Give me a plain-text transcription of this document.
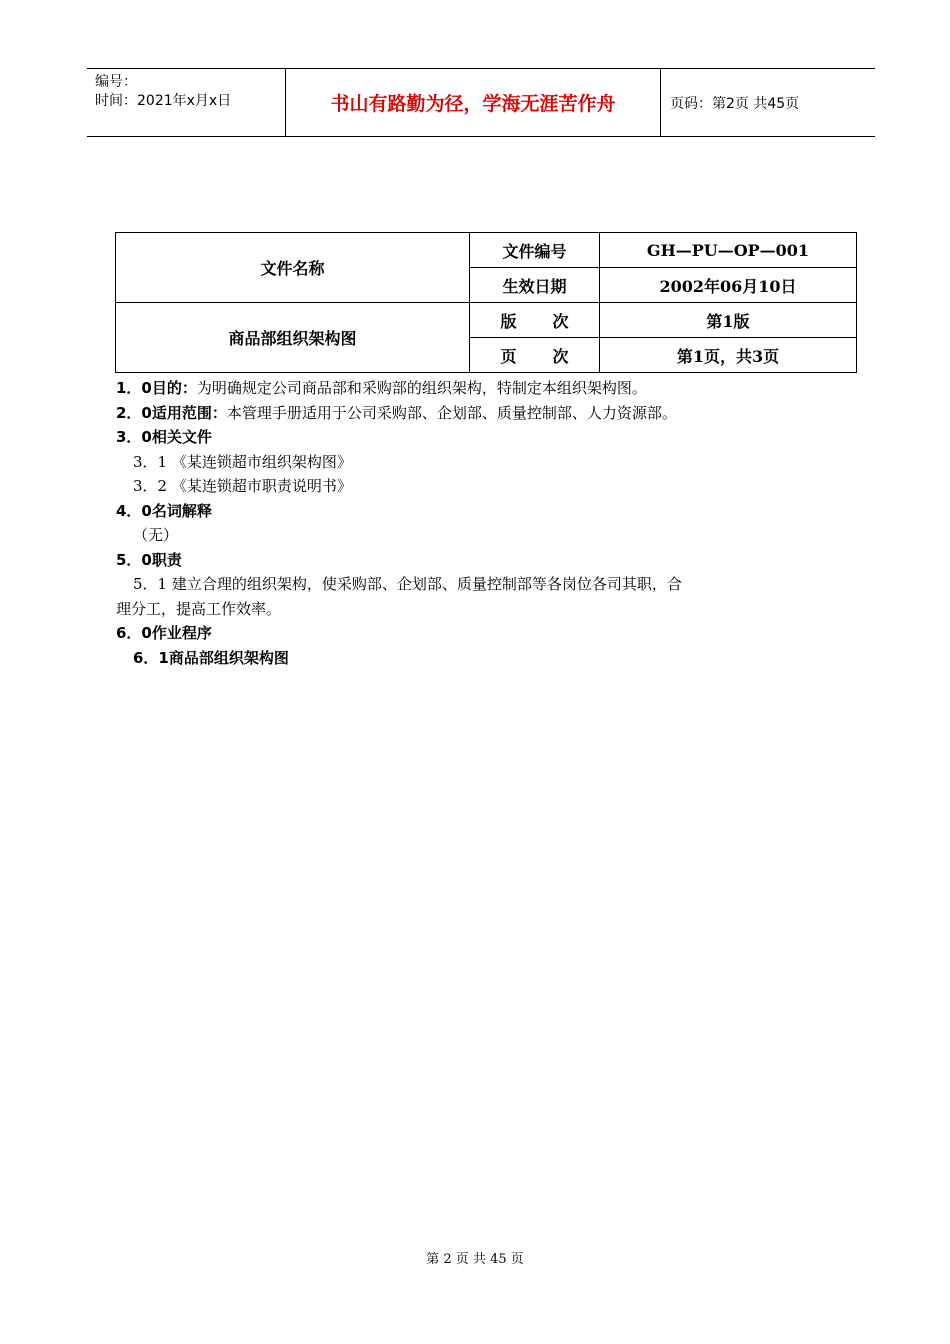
编号：
时间：2021年x月x日	书山有路勤为径，学海无涯苦作舟	页码：第2页 共45页
文件名称	文件编号	GH—PU—OP—001
	生效日期	2002年06月10日
商品部组织架构图	版 次	第1版
	页 次	第1页，共3页
1．0目的：为明确规定公司商品部和采购部的组织架构，特制定本组织架构图。
2．0适用范围：本管理手册适用于公司采购部、企划部、质量控制部、人力资源部。
3．0相关文件
3．1 《某连锁超市组织架构图》
3．2 《某连锁超市职责说明书》
4．0名词解释
（无）
5．0职责
5．1 建立合理的组织架构，使采购部、企划部、质量控制部等各岗位各司其职，合
理分工，提高工作效率。
6．0作业程序
6．1商品部组织架构图
第 2 页 共 45 页
